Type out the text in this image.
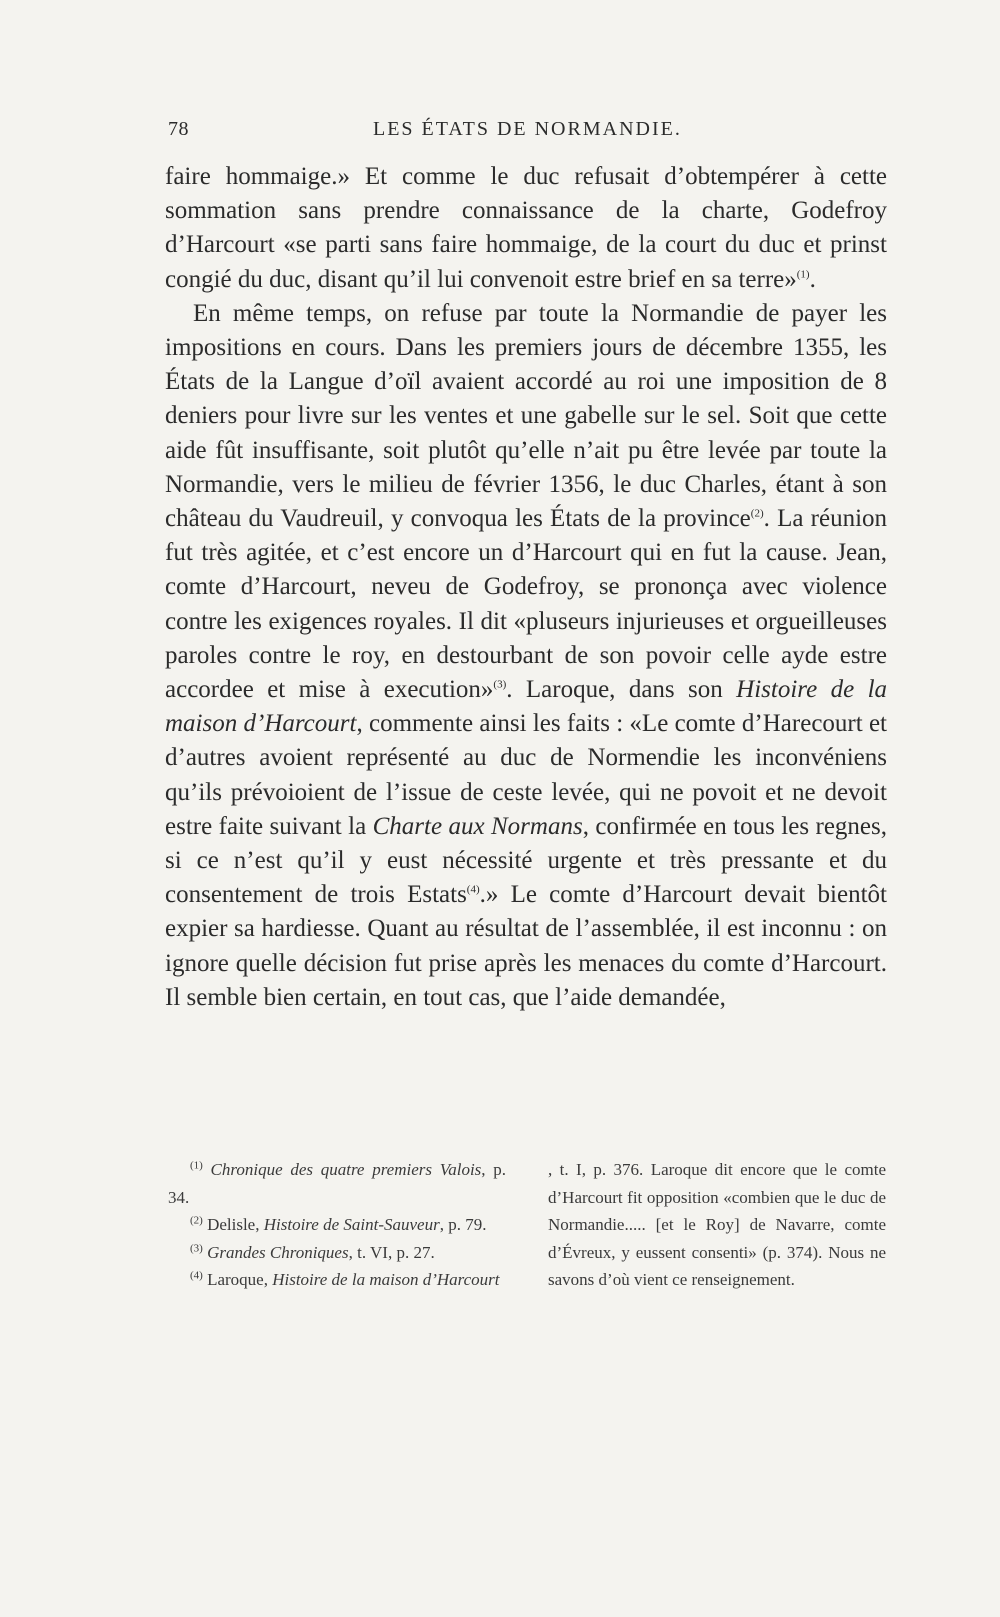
78	LES ÉTATS DE NORMANDIE.

faire hommaige.» Et comme le duc refusait d’obtempérer à cette sommation sans prendre connaissance de la charte, Godefroy d’Harcourt «se parti sans faire hommaige, de la court du duc et prinst congié du duc, disant qu’il lui convenoit estre brief en sa terre»$^{(1)}$.

En même temps, on refuse par toute la Normandie de payer les impositions en cours. Dans les premiers jours de décembre 1355, les États de la Langue d’oïl avaient accordé au roi une imposition de 8 deniers pour livre sur les ventes et une gabelle sur le sel. Soit que cette aide fût insuffisante, soit plutôt qu’elle n’ait pu être levée par toute la Normandie, vers le milieu de février 1356, le duc Charles, étant à son château du Vaudreuil, y convoqua les États de la province$^{(2)}$. La réunion fut très agitée, et c’est encore un d’Harcourt qui en fut la cause. Jean, comte d’Harcourt, neveu de Godefroy, se prononça avec violence contre les exigences royales. Il dit «pluseurs injurieuses et orgueilleuses paroles contre le roy, en destourbant de son povoir celle ayde estre accordee et mise à execution»$^{(3)}$. Laroque, dans son Histoire de la maison d’Harcourt, commente ainsi les faits : «Le comte d’Harecourt et d’autres avoient représenté au duc de Normendie les inconvéniens qu’ils prévoioient de l’issue de ceste levée, qui ne povoit et ne devoit estre faite suivant la Charte aux Normans, confirmée en tous les regnes, si ce n’est qu’il y eust nécessité urgente et très pressante et du consentement de trois Estats$^{(4)}$.» Le comte d’Harcourt devait bientôt expier sa hardiesse. Quant au résultat de l’assemblée, il est inconnu : on ignore quelle décision fut prise après les menaces du comte d’Harcourt. Il semble bien certain, en tout cas, que l’aide demandée,

$^{(1)}$ Chronique des quatre premiers Valois, p. 34.

$^{(2)}$ Delisle, Histoire de Saint-Sauveur, p. 79.

$^{(3)}$ Grandes Chroniques, t. VI, p. 27.

$^{(4)}$ Laroque, Histoire de la maison d’Harcourt

, t. I, p. 376. Laroque dit encore que le comte d’Harcourt fit opposition «combien que le duc de Normandie..... [et le Roy] de Navarre, comte d’Évreux, y eussent consenti» (p. 374). Nous ne savons d’où vient ce renseignement.
